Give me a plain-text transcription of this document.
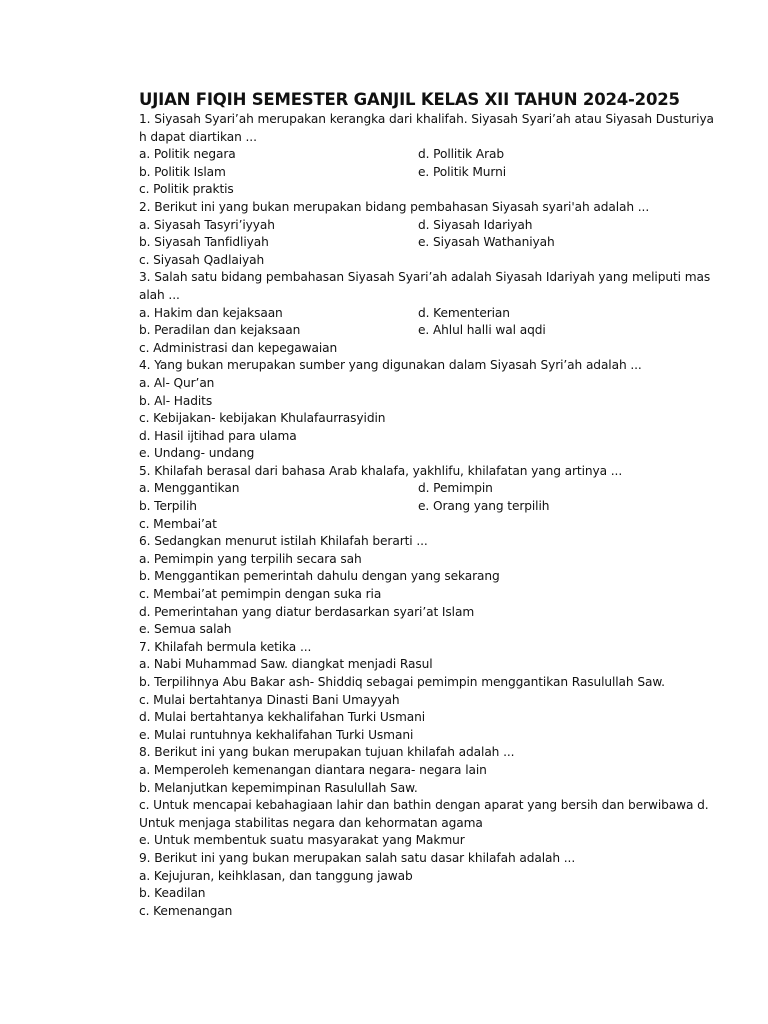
UJIAN FIQIH SEMESTER GANJIL KELAS XII TAHUN 2024-2025
1. Siyasah Syari’ah merupakan kerangka dari khalifah. Siyasah Syari’ah atau Siyasah Dusturiya
h dapat diartikan ...
a. Politik negara	d. Pollitik Arab
b. Politik Islam	e. Politik Murni
c. Politik praktis
2. Berikut ini yang bukan merupakan bidang pembahasan Siyasah syari'ah adalah ...
a. Siyasah Tasyri’iyyah	d. Siyasah Idariyah
b. Siyasah Tanfidliyah	e. Siyasah Wathaniyah
c. Siyasah Qadlaiyah
3. Salah satu bidang pembahasan Siyasah Syari’ah adalah Siyasah Idariyah yang meliputi mas
alah ...
a. Hakim dan kejaksaan	d. Kementerian
b. Peradilan dan kejaksaan	e. Ahlul halli wal aqdi
c. Administrasi dan kepegawaian
4. Yang bukan merupakan sumber yang digunakan dalam Siyasah Syri’ah adalah ...
a. Al- Qur’an
b. Al- Hadits
c. Kebijakan- kebijakan Khulafaurrasyidin
d. Hasil ijtihad para ulama
e. Undang- undang
5. Khilafah berasal dari bahasa Arab khalafa, yakhlifu, khilafatan yang artinya ...
a. Menggantikan	d. Pemimpin
b. Terpilih	e. Orang yang terpilih
c. Membai’at
6. Sedangkan menurut istilah Khilafah berarti ...
a. Pemimpin yang terpilih secara sah
b. Menggantikan pemerintah dahulu dengan yang sekarang
c. Membai’at pemimpin dengan suka ria
d. Pemerintahan yang diatur berdasarkan syari’at Islam
e. Semua salah
7. Khilafah bermula ketika ...
a. Nabi Muhammad Saw. diangkat menjadi Rasul
b. Terpilihnya Abu Bakar ash- Shiddiq sebagai pemimpin menggantikan Rasulullah Saw.
c. Mulai bertahtanya Dinasti Bani Umayyah
d. Mulai bertahtanya kekhalifahan Turki Usmani
e. Mulai runtuhnya kekhalifahan Turki Usmani
8. Berikut ini yang bukan merupakan tujuan khilafah adalah ...
a. Memperoleh kemenangan diantara negara- negara lain
b. Melanjutkan kepemimpinan Rasulullah Saw.
c. Untuk mencapai kebahagiaan lahir dan bathin dengan aparat yang bersih dan berwibawa d.
Untuk menjaga stabilitas negara dan kehormatan agama
e. Untuk membentuk suatu masyarakat yang Makmur
9. Berikut ini yang bukan merupakan salah satu dasar khilafah adalah ...
a. Kejujuran, keihklasan, dan tanggung jawab
b. Keadilan
c. Kemenangan
